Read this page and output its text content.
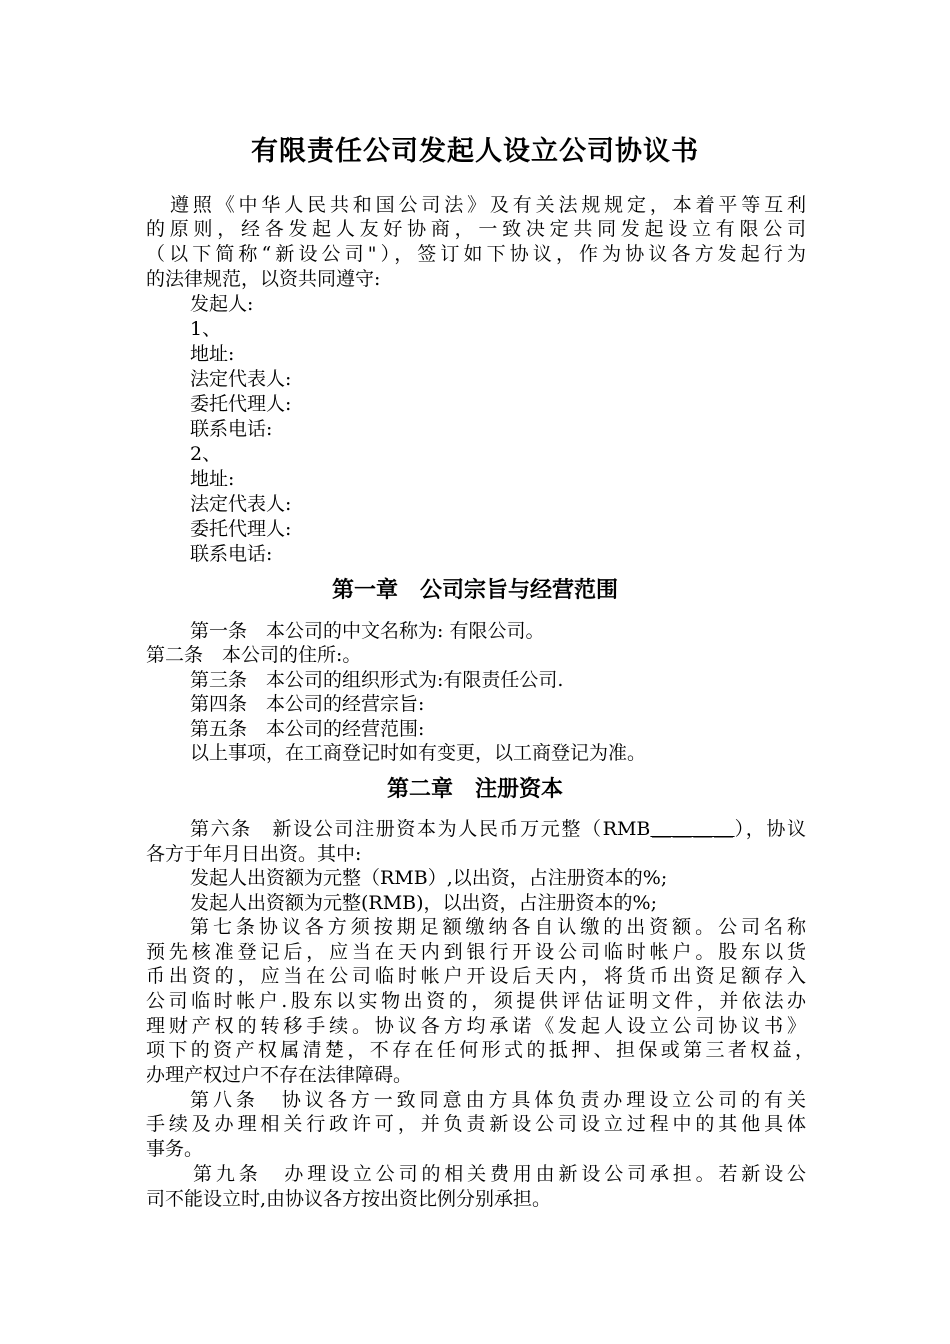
有限责任公司发起人设立公司协议书
遵照《中华人民共和国公司法》及有关法规规定，本着平等互利
的原则，经各发起人友好协商，一致决定共同发起设立有限公司
（以下简称“新设公司"），签订如下协议，作为协议各方发起行为
的法律规范，以资共同遵守:
发起人:
1、
地址:
法定代表人:
委托代理人:
联系电话:
2、
地址:
法定代表人:
委托代理人:
联系电话:
第一章　公司宗旨与经营范围
第一条　本公司的中文名称为: 有限公司。
第二条　本公司的住所:。
第三条　本公司的组织形式为:有限责任公司.
第四条　本公司的经营宗旨:
第五条　本公司的经营范围:
以上事项，在工商登记时如有变更，以工商登记为准。
第二章　注册资本
第六条　新设公司注册资本为人民币万元整（RMB＿＿＿＿），协议
各方于年月日出资。其中:
发起人出资额为元整（RMB）,以出资，占注册资本的%;
发起人出资额为元整(RMB)，以出资，占注册资本的%;
第七条协议各方须按期足额缴纳各自认缴的出资额。公司名称
预先核准登记后，应当在天内到银行开设公司临时帐户。股东以货
币出资的，应当在公司临时帐户开设后天内，将货币出资足额存入
公司临时帐户.股东以实物出资的，须提供评估证明文件，并依法办
理财产权的转移手续。协议各方均承诺《发起人设立公司协议书》
项下的资产权属清楚，不存在任何形式的抵押、担保或第三者权益，
办理产权过户不存在法律障碍。
第八条　协议各方一致同意由方具体负责办理设立公司的有关
手续及办理相关行政许可，并负责新设公司设立过程中的其他具体
事务。
第九条　办理设立公司的相关费用由新设公司承担。若新设公
司不能设立时,由协议各方按出资比例分别承担。
